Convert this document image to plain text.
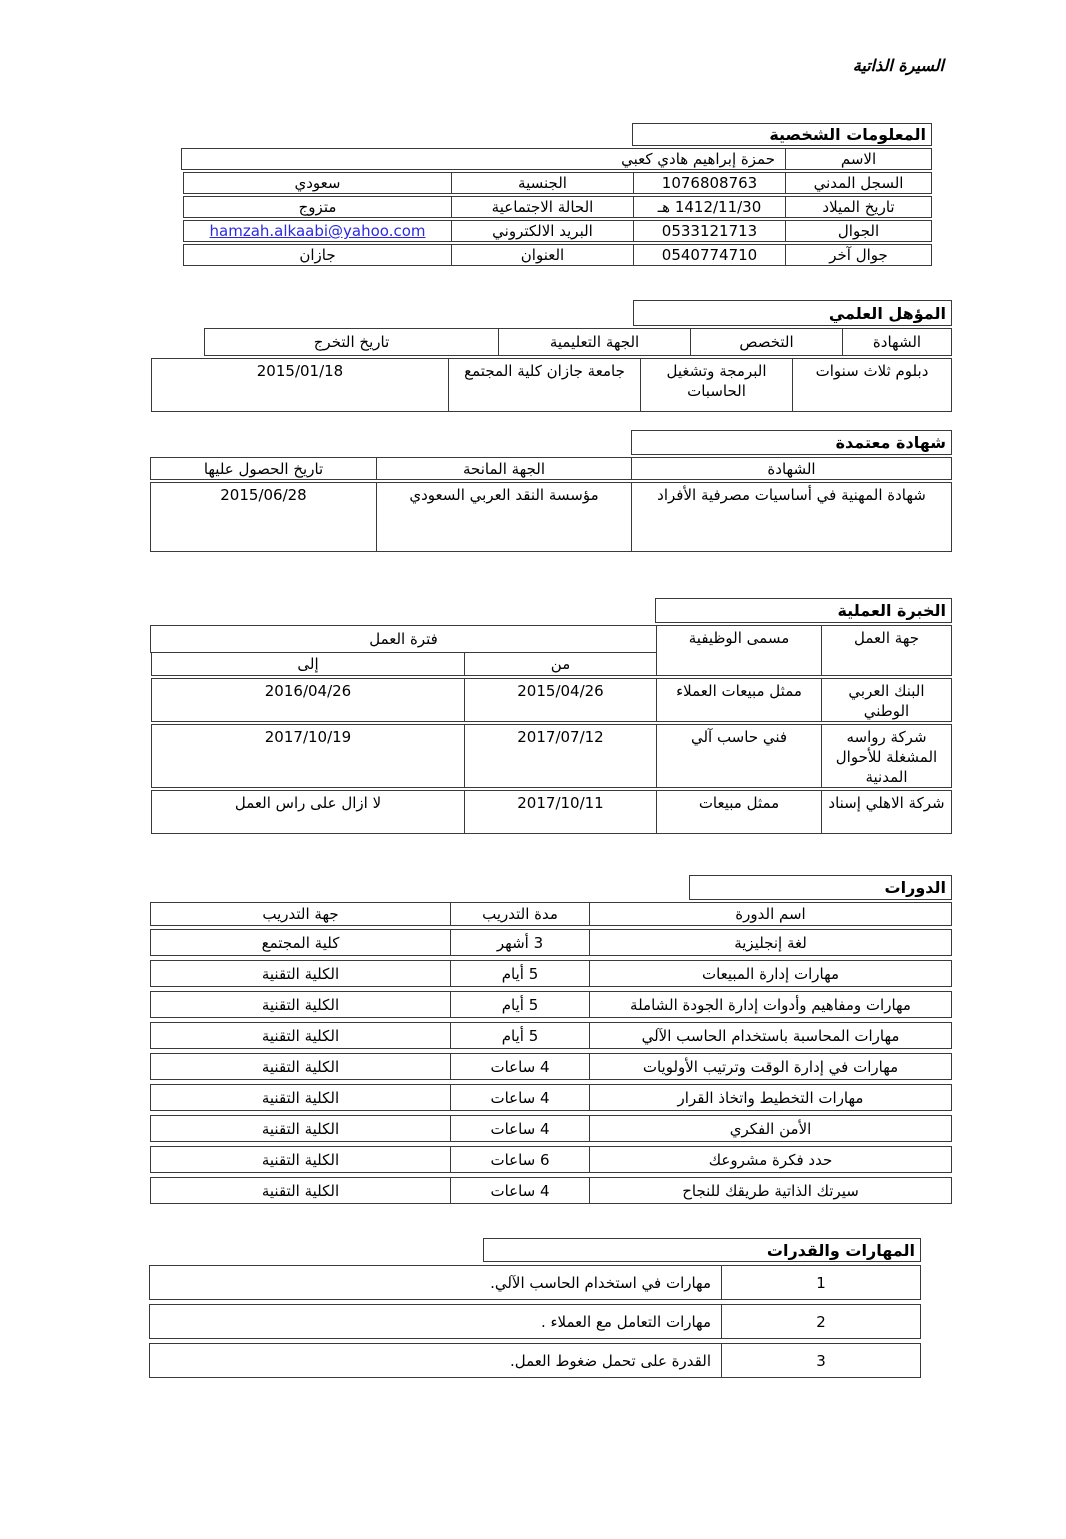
السيرة الذاتية
المعلومات الشخصية
الاسم
حمزة إبراهيم هادي كعبي
السجل المدني
1076808763
الجنسية
سعودي
تاريخ الميلاد
1412/11/30 هـ
الحالة الاجتماعية
متزوج
الجوال
0533121713
البريد الالكتروني
hamzah.alkaabi@yahoo.com
جوال آخر
0540774710
العنوان
جازان
المؤهل العلمي
الشهادة
التخصص
الجهة التعليمية
تاريخ التخرج
دبلوم ثلاث سنوات
البرمجة وتشغيل الحاسبات
جامعة جازان كلية المجتمع
2015/01/18
شهادة معتمدة
الشهادة
الجهة المانحة
تاريخ الحصول عليها
شهادة المهنية في أساسيات مصرفية الأفراد
مؤسسة النقد العربي السعودي
2015/06/28
الخبرة العملية
جهة العمل
مسمى الوظيفية
فترة العمل
من
إلى
البنك العربي الوطني
ممثل مبيعات العملاء
2015/04/26
2016/04/26
شركة رواسه المشغلة للأحوال المدنية
فني حاسب آلي
2017/07/12
2017/10/19
شركة الاهلي إسناد
ممثل مبيعات
2017/10/11
لا ازال على راس العمل
الدورات
اسم الدورة
مدة التدريب
جهة التدريب
لغة إنجليزية
3 أشهر
كلية المجتمع
مهارات إدارة المبيعات
5 أيام
الكلية التقنية
مهارات ومفاهيم وأدوات إدارة الجودة الشاملة
5 أيام
الكلية التقنية
مهارات المحاسبة باستخدام الحاسب الآلي
5 أيام
الكلية التقنية
مهارات في إدارة الوقت وترتيب الأولويات
4 ساعات
الكلية التقنية
مهارات التخطيط واتخاذ القرار
4 ساعات
الكلية التقنية
الأمن الفكري
4 ساعات
الكلية التقنية
حدد فكرة مشروعك
6 ساعات
الكلية التقنية
سيرتك الذاتية طريقك للنجاح
4 ساعات
الكلية التقنية
المهارات والقدرات
1
مهارات في استخدام الحاسب الآلي.
2
مهارات التعامل مع العملاء .
3
القدرة على تحمل ضغوط العمل.
